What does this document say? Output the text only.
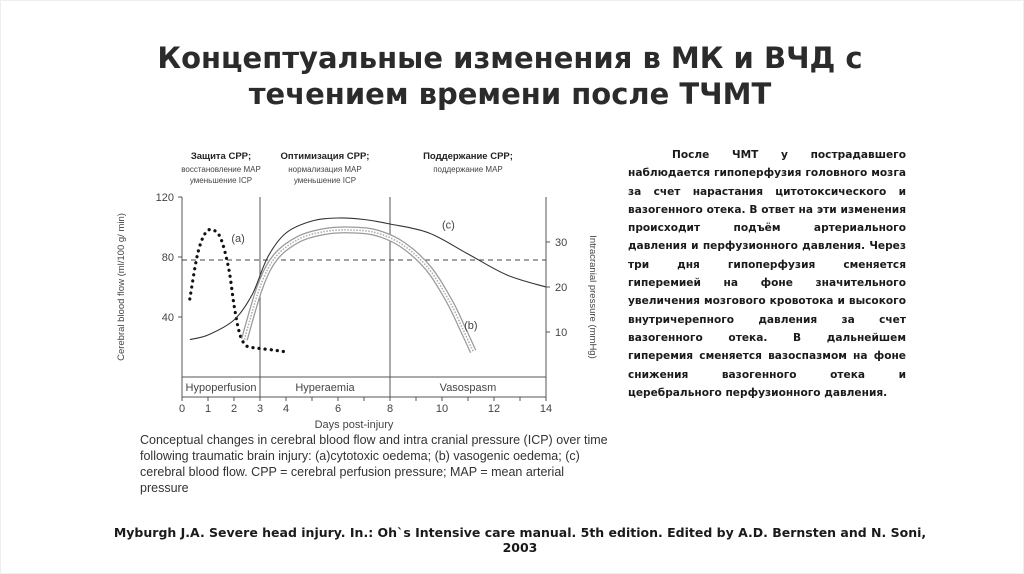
Концептуальные изменения в МК и ВЧД с
течением времени после ТЧМТ
Hypoperfusion	Hyperaemia	Vasospasm
Защита CPP;
восстановление MAP
уменьшение ICP
Оптимизация CPP;
нормализация MAP
уменьшение ICP
Поддержание CPP;
поддержание MAP
0 1 2 3 4	6	8	10	12	14
Days post-injury
40
80
120
Cerebral blood flow (ml/100 g/ min)	10
20
30 Intracranial pressure (mmHg)
(a)
(b)
(c)
Conceptual changes in cerebral blood flow and intra cranial pressure (ICP) over time following traumatic brain injury: (a)cytotoxic oedema; (b) vasogenic oedema; (c) cerebral blood flow. CPP = cerebral perfusion pressure; MAP = mean arterial pressure
После ЧМТ у пострадавшего наблюдается гипоперфузия головного мозга за счет нарастания цитотоксического и вазогенного отека. В ответ на эти изменения происходит подъём артериального давления и перфузионного давления. Через три дня гипоперфузия сменяется гиперемией на фоне значительного увеличения мозгового кровотока и высокого внутричерепного давления за счет вазогенного отека. В дальнейшем гиперемия сменяется вазоспазмом на фоне снижения вазогенного отека и церебрального перфузионного давления.
Myburgh J.A. Severe head injury. In.: Oh`s Intensive care manual. 5th edition. Edited by A.D. Bernsten and N. Soni, 2003
